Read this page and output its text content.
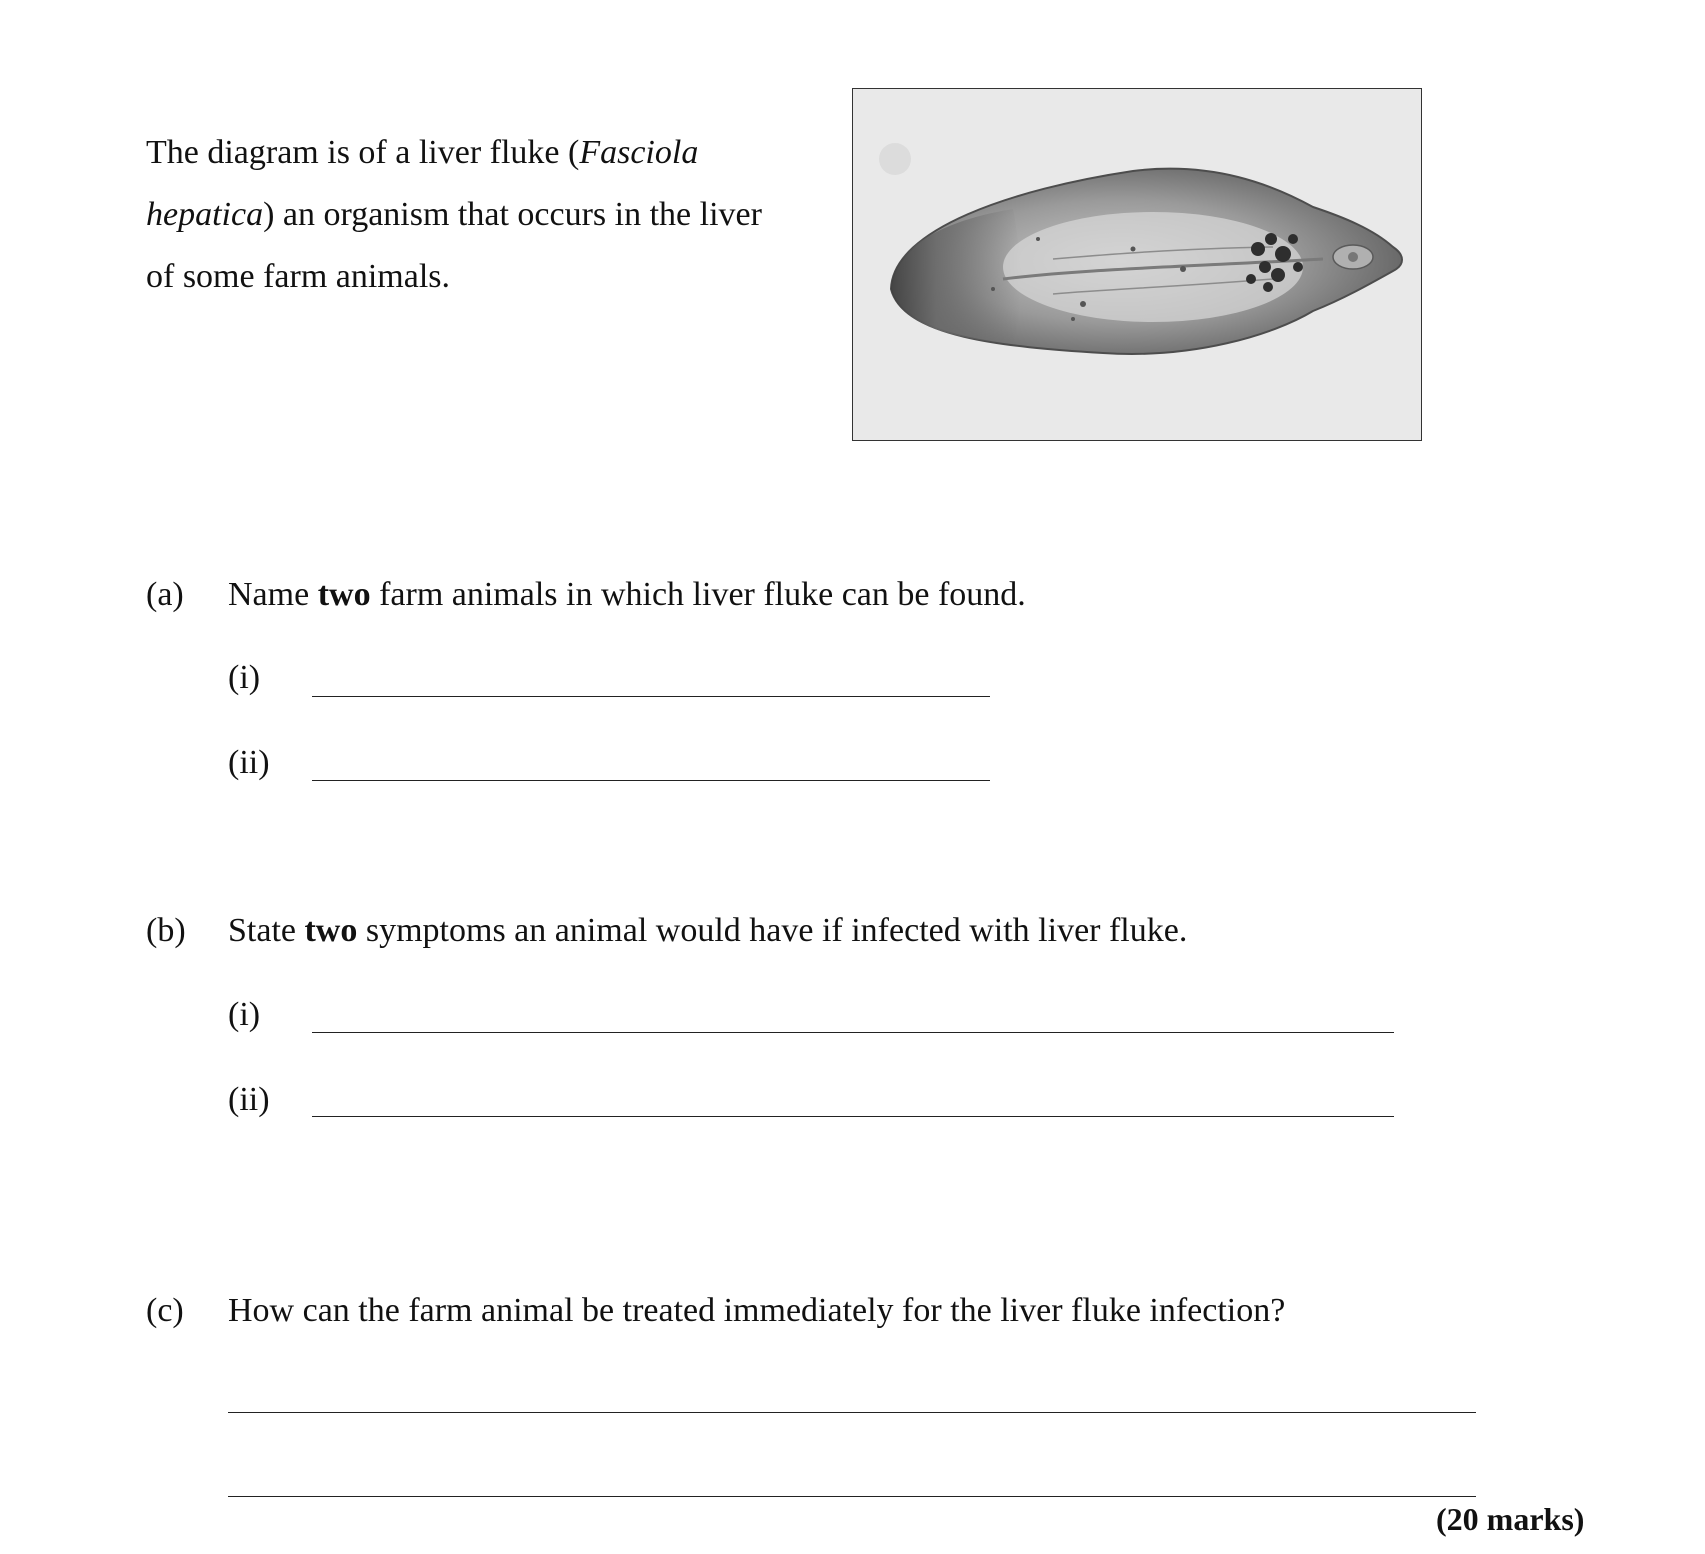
The diagram is of a liver fluke (Fasciola
hepatica) an organism that occurs in the liver
of some farm animals.
(a) Name two farm animals in which liver fluke can be found.
(i)
(ii)
(b) State two symptoms an animal would have if infected with liver fluke.
(i)
(ii)
(c) How can the farm animal be treated immediately for the liver fluke infection?
(20 marks)
